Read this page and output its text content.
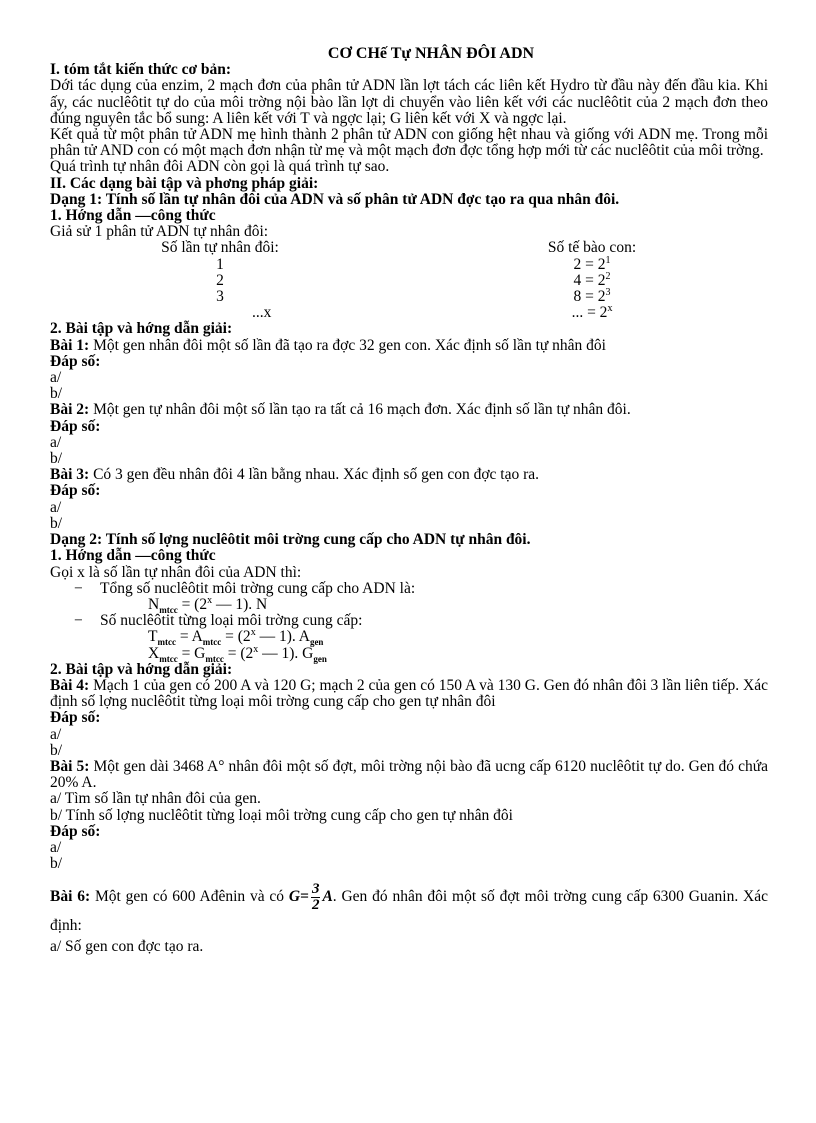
CƠ CHế Tự NHÂN ĐÔI ADN

I. tóm tắt kiến thức cơ bản:

Dới tác dụng của enzim, 2 mạch đơn của phân tử ADN lần lợt tách các liên kết Hydro từ đầu này đến đầu kia. Khi ấy, các nuclêôtit tự do của môi trờng nội bào lần lợt di chuyển vào liên kết với các nuclêôtit của 2 mạch đơn theo đúng nguyên tắc bổ sung: A liên kết với T và ngợc lại; G liên kết với X và ngợc lại.

Kết quả từ một phân tử ADN mẹ hình thành 2 phân tử ADN con giống hệt nhau và giống với ADN mẹ. Trong mỗi phân tử AND con có một mạch đơn nhận từ mẹ và một mạch đơn đợc tổng hợp mới từ các nuclêôtit của môi trờng.

Quá trình tự nhân đôi ADN còn gọi là quá trình tự sao.

II. Các dạng bài tập và phơng pháp giải:

Dạng 1: Tính số lần tự nhân đôi của ADN và số phân tử ADN đợc tạo ra qua nhân đôi.

1. Hớng dẫn —công thức

Giả sử 1 phân tử ADN tự nhân đôi:

Số lần tự nhân đôi:
1
2
3
...x
Số tế bào con:
$2 = 2^1$
$4 = 2^2$
$8 = 2^3$
... = $2^x$

2. Bài tập và hớng dẫn giải:

Bài 1: Một gen nhân đôi một số lần đã tạo ra đợc 32 gen con. Xác định số lần tự nhân đôi

Đáp số:

a/

b/

Bài 2: Một gen tự nhân đôi một số lần tạo ra tất cả 16 mạch đơn. Xác định số lần tự nhân đôi.

Đáp số:

a/

b/

Bài 3: Có 3 gen đều nhân đôi 4 lần bằng nhau. Xác định số gen con đợc tạo ra.

Đáp số:

a/

b/

Dạng 2: Tính số lợng nuclêôtit môi trờng cung cấp cho ADN tự nhân đôi.

1. Hớng dẫn —công thức

Gọi x là số lần tự nhân đôi của ADN thì:

−	Tổng số nuclêôtit môi trờng cung cấp cho ADN là:
$N_{mtcc} = (2^x$ — 1). N
−	Số nuclêôtit từng loại môi trờng cung cấp:
$T_{mtcc} = A_{mtcc} = (2^x$ — 1). $A_{gen}$
$X_{mtcc} = G_{mtcc} = (2^x$ — 1). $G_{gen}$

2. Bài tập và hớng dẫn giải:

Bài 4: Mạch 1 của gen có 200 A và 120 G; mạch 2 của gen có 150 A và 130 G. Gen đó nhân đôi 3 lần liên tiếp. Xác định số lợng nuclêôtit từng loại môi trờng cung cấp cho gen tự nhân đôi

Đáp số:

a/

b/

Bài 5: Một gen dài 3468 A° nhân đôi một số đợt, môi trờng nội bào đã ucng cấp 6120 nuclêôtit tự do. Gen đó chứa 20% A.

a/ Tìm số lần tự nhân đôi của gen.

b/ Tính số lợng nuclêôtit từng loại môi trờng cung cấp cho gen tự nhân đôi

Đáp số:

a/

b/

Bài 6: Một gen có 600 Ađênin và có $G= \frac{3}{2} A$. Gen đó nhân đôi một số đợt môi trờng cung cấp 6300 Guanin. Xác định:

a/ Số gen con đợc tạo ra.
